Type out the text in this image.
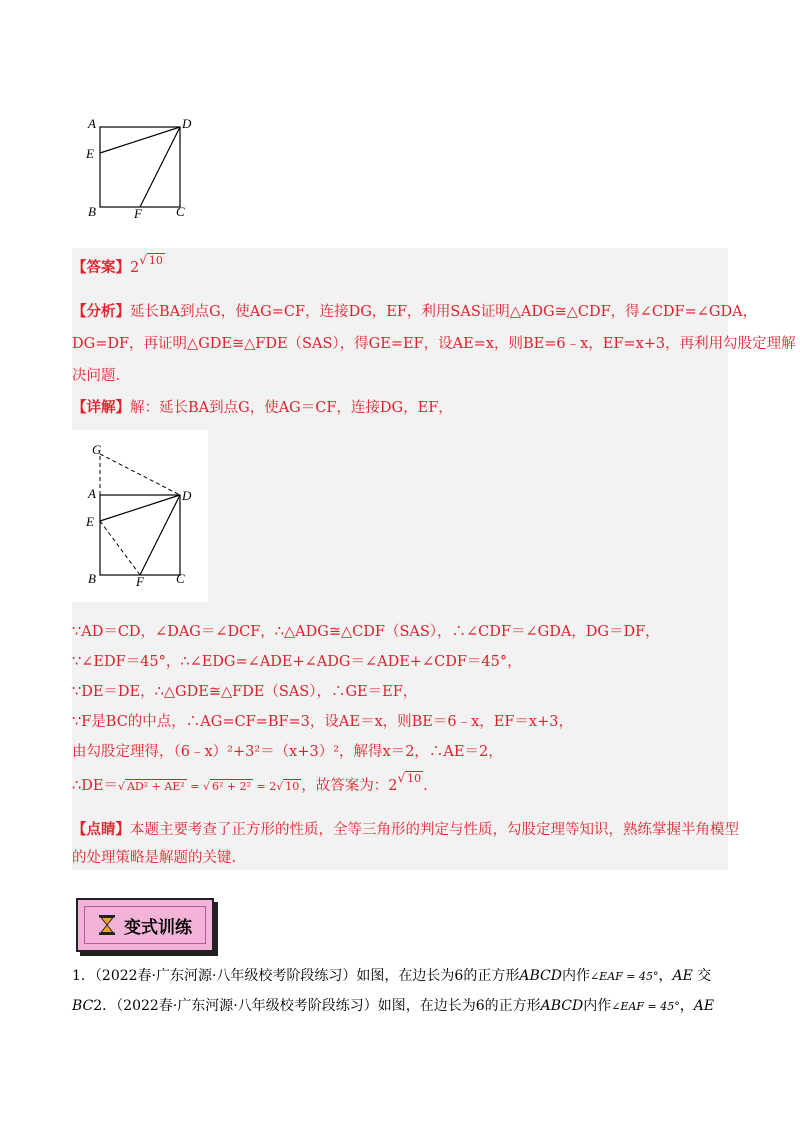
A	D
E
B	F	C
【答案】2√ 10
【分析】延长BA到点G，使AG=CF，连接DG，EF，利用SAS证明△ADG≅△CDF，得∠CDF=∠GDA，
DG=DF，再证明△GDE≅△FDE（SAS），得GE=EF，设AE=x，则BE=6﹣x，EF=x+3，再利用勾股定理解
决问题.
【详解】解：延长BA到点G，使AG＝CF，连接DG，EF，
G
A	D
E
B	F C
∵AD＝CD，∠DAG＝∠DCF，∴△ADG≅△CDF（SAS），∴∠CDF＝∠GDA，DG＝DF，
∵∠EDF＝45°，∴∠EDG=∠ADE+∠ADG＝∠ADE+∠CDF＝45°，
∵DE＝DE，∴△GDE≅△FDE（SAS），∴GE＝EF，
∵F是BC的中点，∴AG=CF=BF=3，设AE＝x，则BE＝6﹣x，EF＝x+3，
由勾股定理得，（6﹣x）²+3²＝（x+3）²，解得x＝2，∴AE＝2，
∴DE＝√ AD² + AE² = √ 6² + 2² = 2√ 10 ，故答案为：2√ 10 .
【点睛】本题主要考查了正方形的性质，全等三角形的判定与性质，勾股定理等知识，熟练掌握半角模型
的处理策略是解题的关键.
变式训练
1．（2022春·广东河源·八年级校考阶段练习）如图，在边长为6的正方形ABCD内作∠EAF = 45°，AE 交
BC2．（2022春·广东河源·八年级校考阶段练习）如图，在边长为6的正方形ABCD内作∠EAF = 45°，AE
